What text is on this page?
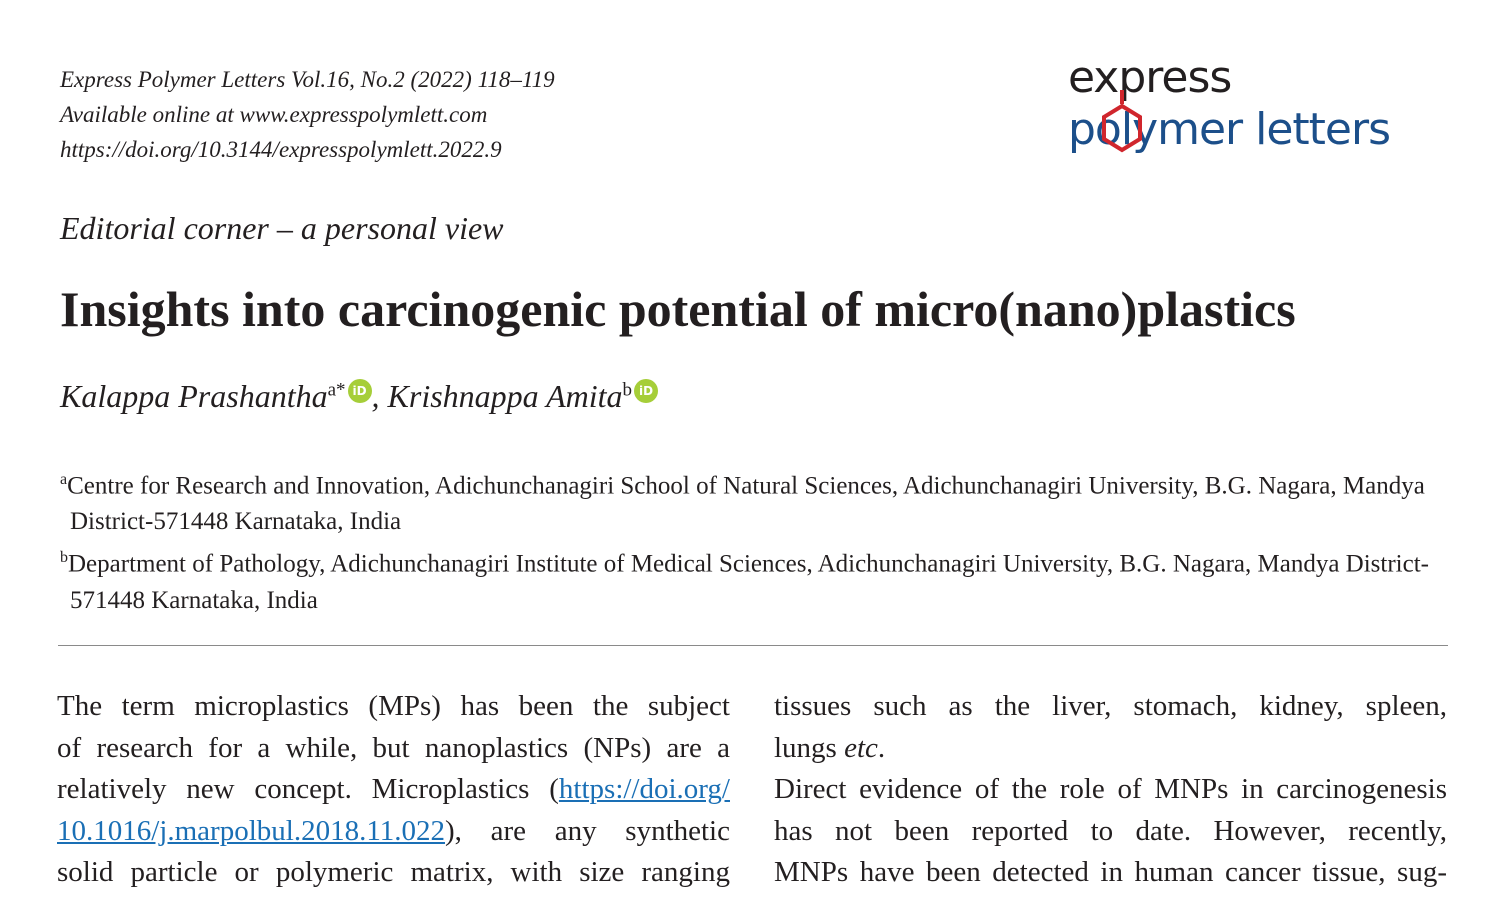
Express Polymer Letters Vol.16, No.2 (2022) 118–119
Available online at www.expresspolymlett.com
https://doi.org/10.3144/expresspolymlett.2022.9
express
polymer letters
Editorial corner – a personal view
Insights into carcinogenic potential of micro(nano)plastics
Kalappa Prashantha$^{a*}$ iD , Krishnappa Amita$^b$ iD
$^a$Centre for Research and Innovation, Adichunchanagiri School of Natural Sciences, Adichunchanagiri University, B.G. Nagara, Mandya District-571448 Karnataka, India
$^b$Department of Pathology, Adichunchanagiri Institute of Medical Sciences, Adichunchanagiri University, B.G. Nagara, Mandya District-571448 Karnataka, India
The term microplastics (MPs) has been the subject
of research for a while, but nanoplastics (NPs) are a
relatively new concept. Microplastics (https://doi.org/
10.1016/j.marpolbul.2018.11.022), are any synthetic
solid particle or polymeric matrix, with size ranging
tissues such as the liver, stomach, kidney, spleen,
lungs etc.
Direct evidence of the role of MNPs in carcinogenesis
has not been reported to date. However, recently,
MNPs have been detected in human cancer tissue, sug-
